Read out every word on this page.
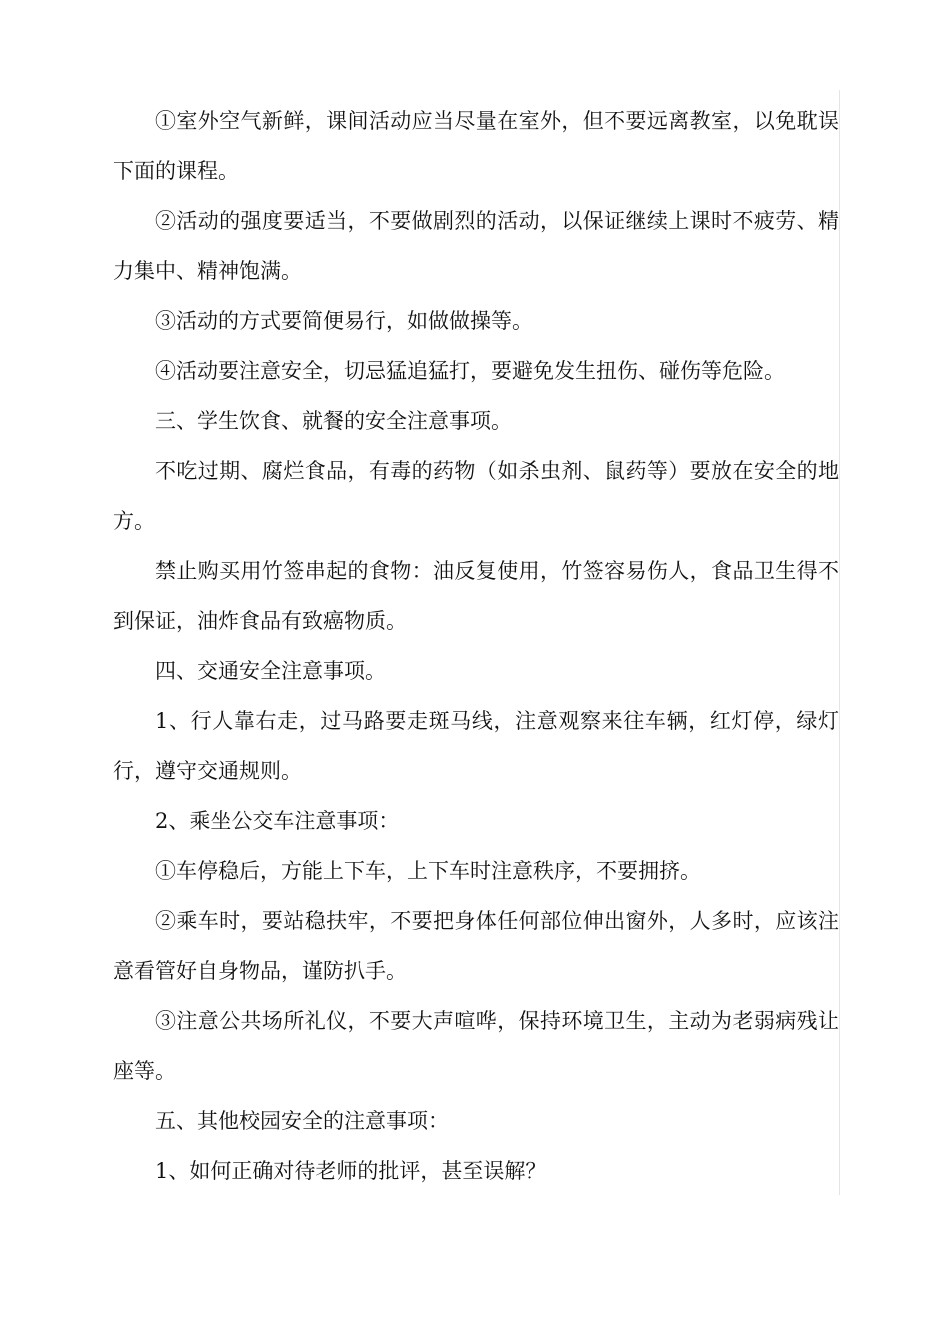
①室外空气新鲜，课间活动应当尽量在室外，但不要远离教室，以免耽误下面的课程。

②活动的强度要适当，不要做剧烈的活动，以保证继续上课时不疲劳、精力集中、精神饱满。

③活动的方式要简便易行，如做做操等。

④活动要注意安全，切忌猛追猛打，要避免发生扭伤、碰伤等危险。

三、学生饮食、就餐的安全注意事项。

不吃过期、腐烂食品，有毒的药物（如杀虫剂、鼠药等）要放在安全的地方。

禁止购买用竹签串起的食物：油反复使用，竹签容易伤人，食品卫生得不到保证，油炸食品有致癌物质。

四、交通安全注意事项。

1、行人靠右走，过马路要走斑马线，注意观察来往车辆，红灯停，绿灯行，遵守交通规则。

2、乘坐公交车注意事项：

①车停稳后，方能上下车，上下车时注意秩序，不要拥挤。

②乘车时，要站稳扶牢，不要把身体任何部位伸出窗外，人多时，应该注意看管好自身物品，谨防扒手。

③注意公共场所礼仪，不要大声喧哗，保持环境卫生，主动为老弱病残让座等。

五、其他校园安全的注意事项：

1、如何正确对待老师的批评，甚至误解？
